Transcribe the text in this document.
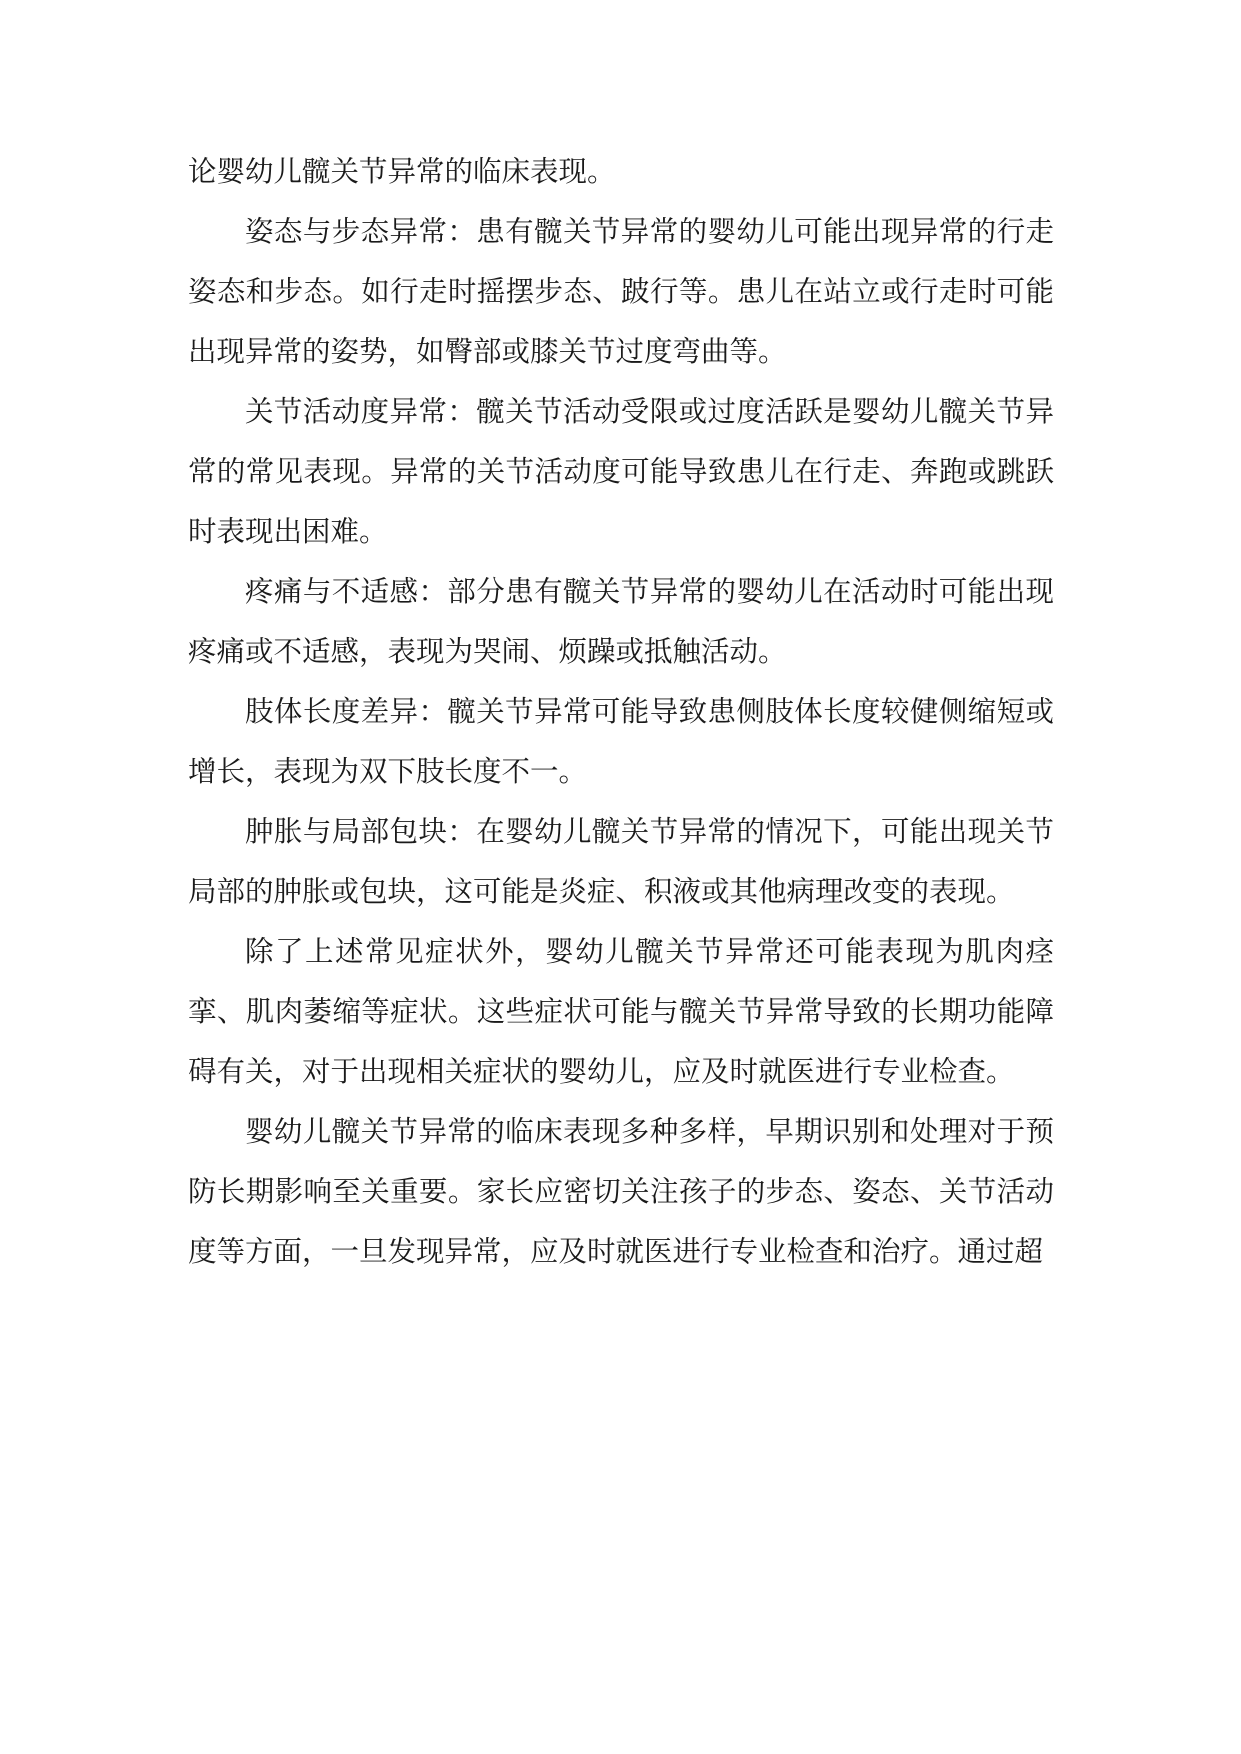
论婴幼儿髋关节异常的临床表现。

姿态与步态异常：患有髋关节异常的婴幼儿可能出现异常的行走姿态和步态。如行走时摇摆步态、跛行等。患儿在站立或行走时可能出现异常的姿势，如臀部或膝关节过度弯曲等。

关节活动度异常：髋关节活动受限或过度活跃是婴幼儿髋关节异常的常见表现。异常的关节活动度可能导致患儿在行走、奔跑或跳跃时表现出困难。

疼痛与不适感：部分患有髋关节异常的婴幼儿在活动时可能出现疼痛或不适感，表现为哭闹、烦躁或抵触活动。

肢体长度差异：髋关节异常可能导致患侧肢体长度较健侧缩短或增长，表现为双下肢长度不一。

肿胀与局部包块：在婴幼儿髋关节异常的情况下，可能出现关节局部的肿胀或包块，这可能是炎症、积液或其他病理改变的表现。

除了上述常见症状外，婴幼儿髋关节异常还可能表现为肌肉痉挛、肌肉萎缩等症状。这些症状可能与髋关节异常导致的长期功能障碍有关，对于出现相关症状的婴幼儿，应及时就医进行专业检查。

婴幼儿髋关节异常的临床表现多种多样，早期识别和处理对于预防长期影响至关重要。家长应密切关注孩子的步态、姿态、关节活动度等方面，一旦发现异常，应及时就医进行专业检查和治疗。通过超
